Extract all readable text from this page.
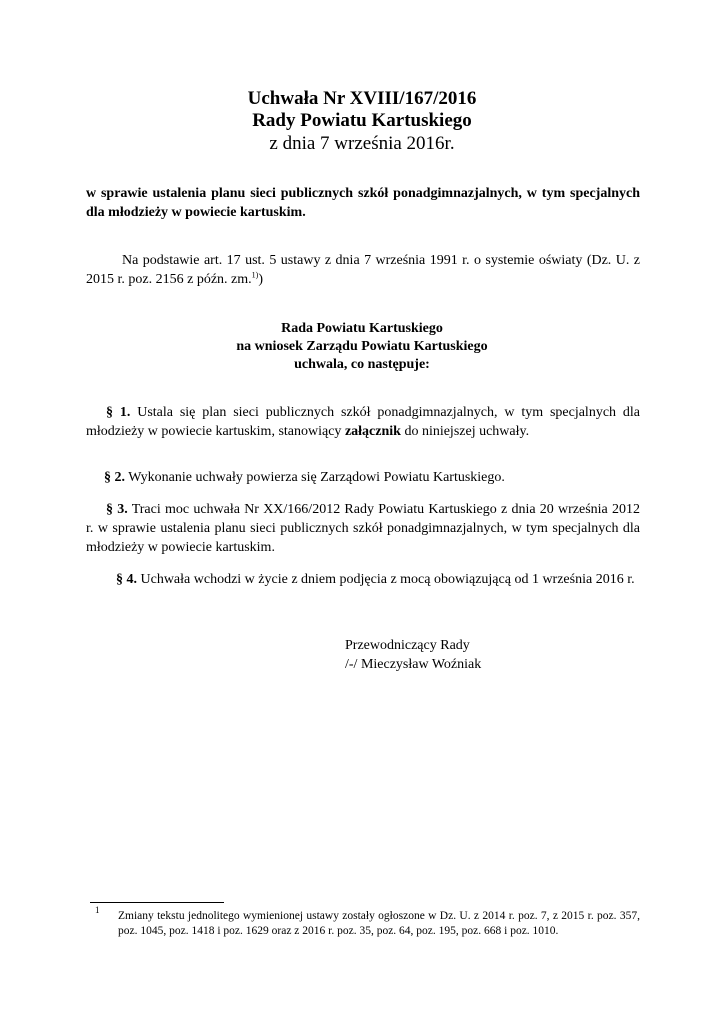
Uchwała Nr XVIII/167/2016
Rady Powiatu Kartuskiego
z dnia 7 września 2016r.
w sprawie ustalenia planu sieci publicznych szkół ponadgimnazjalnych, w tym specjalnych dla młodzieży w powiecie kartuskim.
Na podstawie art. 17 ust. 5 ustawy z dnia 7 września 1991 r. o systemie oświaty (Dz. U. z 2015 r. poz. 2156 z późn. zm.$^{1)}$)
Rada Powiatu Kartuskiego
na wniosek Zarządu Powiatu Kartuskiego
uchwala, co następuje:
§ 1. Ustala się plan sieci publicznych szkół ponadgimnazjalnych, w tym specjalnych dla młodzieży w powiecie kartuskim, stanowiący załącznik do niniejszej uchwały.
§ 2. Wykonanie uchwały powierza się Zarządowi Powiatu Kartuskiego.
§ 3. Traci moc uchwała Nr XX/166/2012 Rady Powiatu Kartuskiego z dnia 20 września 2012 r. w sprawie ustalenia planu sieci publicznych szkół ponadgimnazjalnych, w tym specjalnych dla młodzieży w powiecie kartuskim.
§ 4. Uchwała wchodzi w życie z dniem podjęcia z mocą obowiązującą od 1 września 2016 r.
Przewodniczący Rady
/-/ Mieczysław Woźniak
1 Zmiany tekstu jednolitego wymienionej ustawy zostały ogłoszone w Dz. U. z 2014 r. poz. 7, z 2015 r. poz. 357, poz. 1045, poz. 1418 i poz. 1629 oraz z 2016 r. poz. 35, poz. 64, poz. 195, poz. 668 i poz. 1010.
